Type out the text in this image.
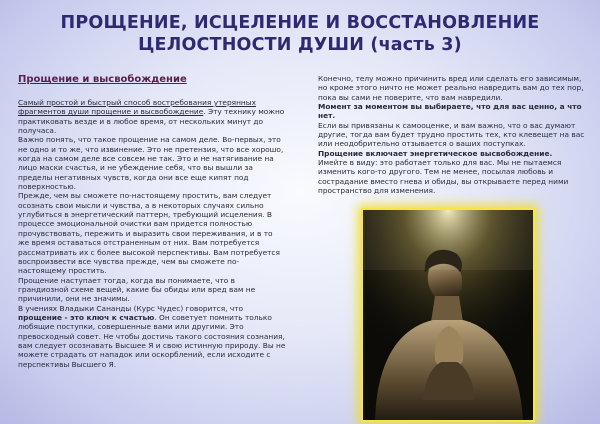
ПРОЩЕНИЕ, ИСЦЕЛЕНИЕ И ВОССТАНОВЛЕНИЕ
ЦЕЛОСТНОСТИ ДУШИ (часть 3)
Прощение и высвобождение

Самый простой и быстрый способ востребования утерянных фрагментов души прощение и высвобождение. Эту технику можно практиковать везде и в любое время, от нескольких минут до получаса.

Важно понять, что такое прощение на самом деле. Во-первых, это не одно и то же, что извинение. Это не претензия, что все хорошо, когда на самом деле все совсем не так. Это и не натягивание на лицо маски счастья, и не убеждение себя, что вы вышли за пределы негативных чувств, когда они все еще кипят под поверхностью.

Прежде, чем вы сможете по-настоящему простить, вам следует осознать свои мысли и чувства, а в некоторых случаях сильно углубиться в энергетический паттерн, требующий исцеления. В процессе эмоциональной очистки вам придется полностью прочувствовать, пережить и выразить свои переживания, и в то же время оставаться отстраненным от них. Вам потребуется рассматривать их с более высокой перспективы. Вам потребуется воспроизвести все чувства прежде, чем вы сможете по-настоящему простить.

Прощение наступает тогда, когда вы понимаете, что в грандиозной схеме вещей, какие бы обиды или вред вам не причинили, они не значимы.

В учениях Владыки Сананды (Курс Чудес) говорится, что прощение - это ключ к счастью. Он советует помнить только любящие поступки, совершенные вами или другими. Это превосходный совет. Не чтобы достичь такого состояния сознания, вам следует осознавать Высшее Я и свою истинную природу. Вы не можете страдать от нападок или оскорблений, если исходите с перспективы Высшего Я.

Конечно, телу можно причинить вред или сделать его зависимым, но кроме этого ничто не может реально навредить вам до тех пор, пока вы сами не поверите, что вам навредили.

Момент за моментом вы выбираете, что для вас ценно, а что нет.

Если вы привязаны к самооценке, и вам важно, что о вас думают другие, тогда вам будет трудно простить тех, кто клевещет на вас или неодобрительно отзывается о ваших поступках.

Прощение включает энергетическое высвобождение.

Имейте в виду: это работает только для вас. Мы не пытаемся изменить кого-то другого. Тем не менее, посылая любовь и сострадание вместо гнева и обиды, вы открываете перед ними пространство для изменения.
